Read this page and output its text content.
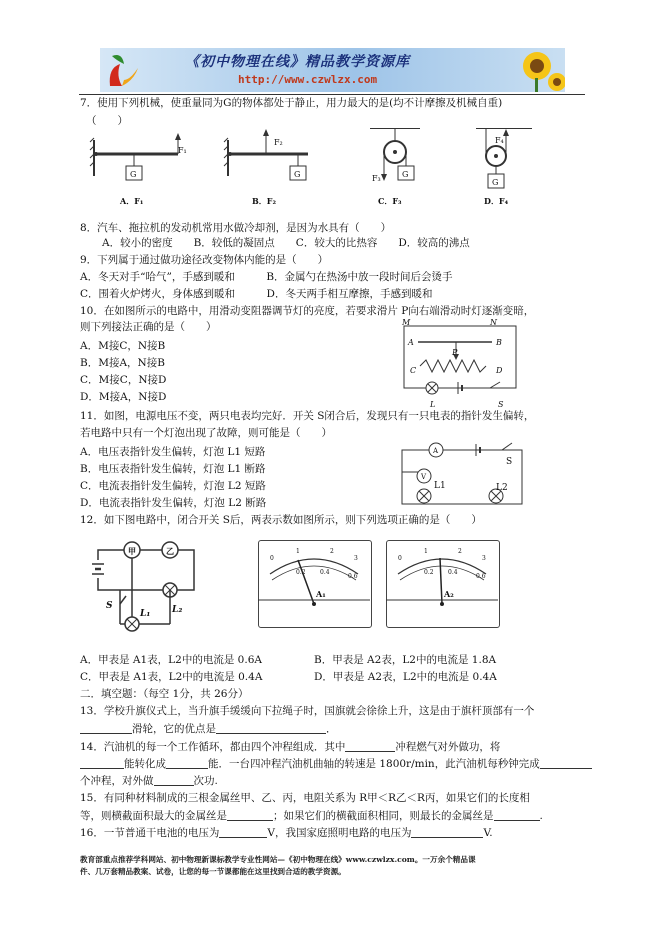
《初中物理在线》精品教学资源库
http://www.czwlzx.com
7．使用下列机械，使重量同为G的物体都处于静止，用力最大的是(均不计摩擦及机械自重)
（　　）
F₂
F₁
F₃
F₄
G	G	G
G
A．F₁	B．F₂	C．F₃	D．F₄
8．汽车、拖拉机的发动机常用水做冷却剂，是因为水具有（　　）
A．较小的密度　　B．较低的凝固点　　C．较大的比热容　　D．较高的沸点
9．下列属于通过做功途径改变物体内能的是（　　）
A．冬天对手“哈气”，手感到暖和　　　B．金属勺在热汤中放一段时间后会烫手
C．围着火炉烤火，身体感到暖和　　　D．冬天两手相互摩擦，手感到暖和
10．在如图所示的电路中，用滑动变阻器调节灯的亮度，若要求滑片 P向右端滑动时灯逐渐变暗，
则下列接法正确的是（　　）
A．M接C，N接B
B．M接A，N接B
C．M接C，N接D
D．M接A，N接D
M	N
A	B
P
C	D
L	S
11．如图，电源电压不变，两只电表均完好．开关 S闭合后，发现只有一只电表的指针发生偏转，
若电路中只有一个灯泡出现了故障，则可能是（　　）
A．电压表指针发生偏转，灯泡 L1 短路
B．电压表指针发生偏转，灯泡 L1 断路
C．电流表指针发生偏转，灯泡 L2 短路
D．电流表指针发生偏转，灯泡 L2 断路
A
V
S
L1	L2
12．如下图电路中，闭合开关 S后，两表示数如图所示，则下列选项正确的是（　　）
甲	乙
S
L₁ L₂
0
1	2
3
0.2 0.4
0.6
A₁
0
1	2
3
0.2 0.4
0.6
A₂
A．甲表是 A1表，L2中的电流是 0.6A	B．甲表是 A2表，L2中的电流是 1.8A
C．甲表是 A1表，L2中的电流是 0.4A	D．甲表是 A2表，L2中的电流是 0.4A
二．填空题：（每空 1分，共 26分）
13．学校升旗仪式上，当升旗手缓缓向下拉绳子时，国旗就会徐徐上升，这是由于旗杆顶部有一个
滑轮，它的优点是	．
14．汽油机的每一个工作循环，都由四个冲程组成．其中	冲程燃气对外做功，将
能转化成	能．一台四冲程汽油机曲轴的转速是 1800r/min，此汽油机每秒钟完成
个冲程，对外做	次功.
15．有同种材料制成的三根金属丝甲、乙、丙，电阻关系为 R甲＜R乙＜R丙，如果它们的长度相
等，则横截面积最大的金属丝是	；如果它们的横截面积相同，则最长的金属丝是	.
16．一节普通干电池的电压为	V，我国家庭照明电路的电压为	V.
教育部重点推荐学科网站、初中物理新课标教学专业性网站—《初中物理在线》www.czwlzx.com。一万余个精品课
件、几万套精品教案、试卷，让您的每一节课都能在这里找到合适的教学资源。
